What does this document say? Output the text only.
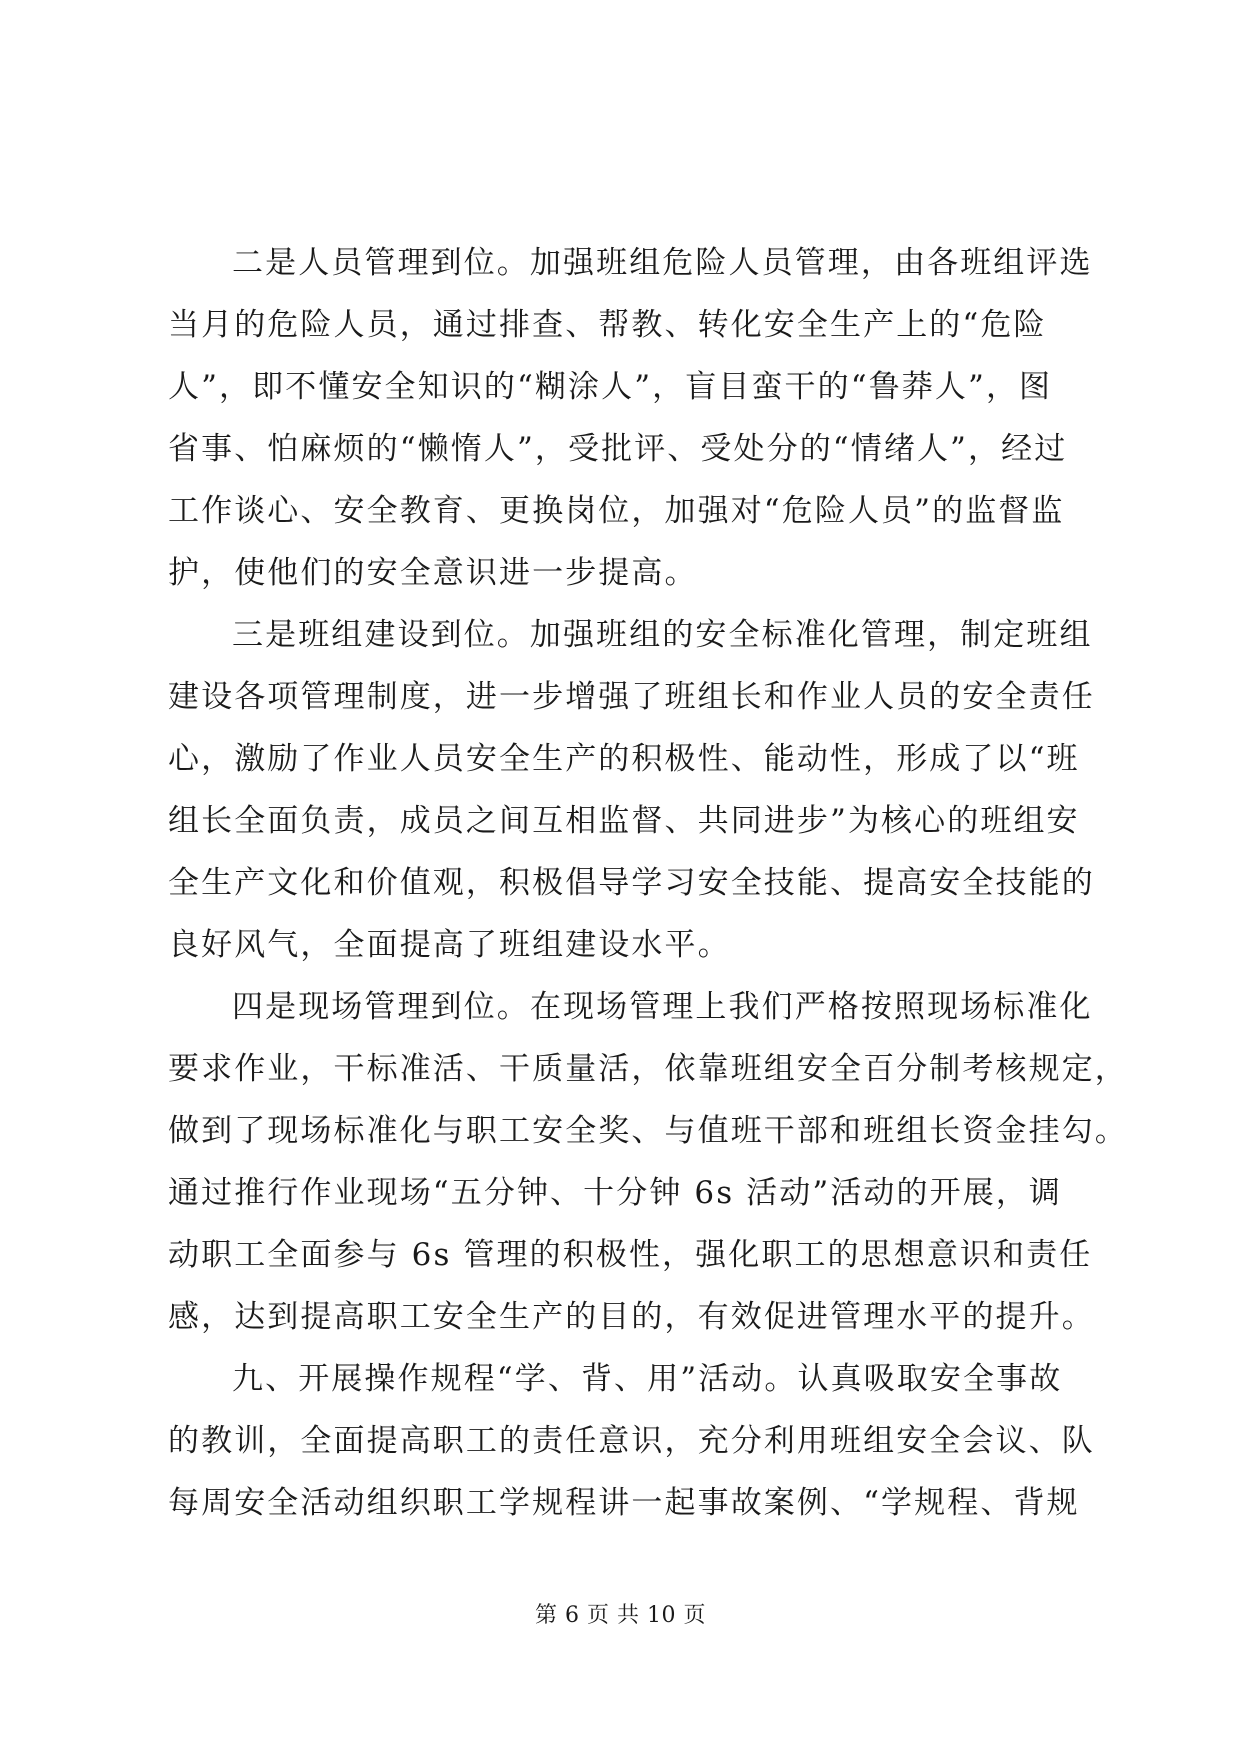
二是人员管理到位。加强班组危险人员管理，由各班组评选
当月的危险人员，通过排查、帮教、转化安全生产上的“危险
人”，即不懂安全知识的“糊涂人”，盲目蛮干的“鲁莽人”，图
省事、怕麻烦的“懒惰人”，受批评、受处分的“情绪人”，经过
工作谈心、安全教育、更换岗位，加强对“危险人员”的监督监
护，使他们的安全意识进一步提高。
三是班组建设到位。加强班组的安全标准化管理，制定班组
建设各项管理制度，进一步增强了班组长和作业人员的安全责任
心，激励了作业人员安全生产的积极性、能动性，形成了以“班
组长全面负责，成员之间互相监督、共同进步”为核心的班组安
全生产文化和价值观，积极倡导学习安全技能、提高安全技能的
良好风气，全面提高了班组建设水平。
四是现场管理到位。在现场管理上我们严格按照现场标准化
要求作业，干标准活、干质量活，依靠班组安全百分制考核规定，
做到了现场标准化与职工安全奖、与值班干部和班组长资金挂勾。
通过推行作业现场“五分钟、十分钟 6s 活动”活动的开展，调
动职工全面参与 6s 管理的积极性，强化职工的思想意识和责任
感，达到提高职工安全生产的目的，有效促进管理水平的提升。
九、开展操作规程“学、背、用”活动。认真吸取安全事故
的教训，全面提高职工的责任意识，充分利用班组安全会议、队
每周安全活动组织职工学规程讲一起事故案例、“学规程、背规
第 6 页 共 10 页
